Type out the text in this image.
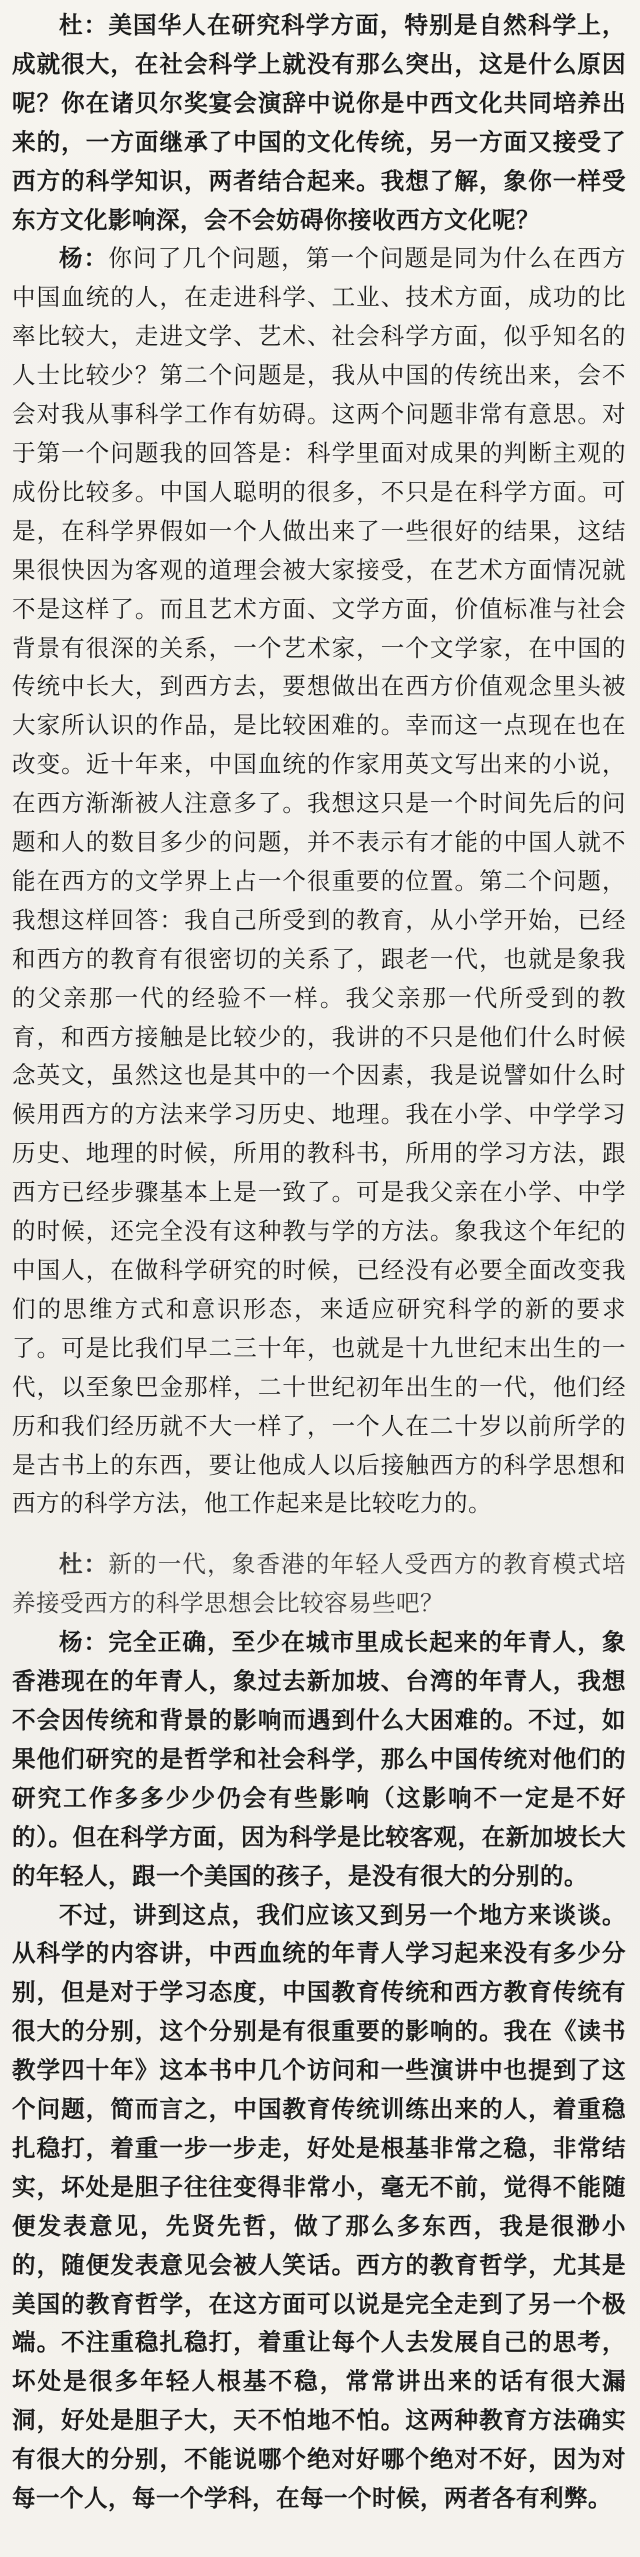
杜：美国华人在研究科学方面，特别是自然科学上，成就很大，在社会科学上就没有那么突出，这是什么原因呢？你在诸贝尔奖宴会演辞中说你是中西文化共同培养出来的，一方面继承了中国的文化传统，另一方面又接受了西方的科学知识，两者结合起来。我想了解，象你一样受东方文化影响深，会不会妨碍你接收西方文化呢？

杨：你问了几个问题，第一个问题是同为什么在西方中国血统的人，在走进科学、工业、技术方面，成功的比率比较大，走进文学、艺术、社会科学方面，似乎知名的人士比较少？第二个问题是，我从中国的传统出来，会不会对我从事科学工作有妨碍。这两个问题非常有意思。对于第一个问题我的回答是：科学里面对成果的判断主观的成份比较多。中国人聪明的很多，不只是在科学方面。可是，在科学界假如一个人做出来了一些很好的结果，这结果很快因为客观的道理会被大家接受，在艺术方面情况就不是这样了。而且艺术方面、文学方面，价值标准与社会背景有很深的关系，一个艺术家，一个文学家，在中国的传统中长大，到西方去，要想做出在西方价值观念里头被大家所认识的作品，是比较困难的。幸而这一点现在也在改变。近十年来，中国血统的作家用英文写出来的小说，在西方渐渐被人注意多了。我想这只是一个时间先后的问题和人的数目多少的问题，并不表示有才能的中国人就不能在西方的文学界上占一个很重要的位置。第二个问题，我想这样回答：我自己所受到的教育，从小学开始，已经和西方的教育有很密切的关系了，跟老一代，也就是象我的父亲那一代的经验不一样。我父亲那一代所受到的教育，和西方接触是比较少的，我讲的不只是他们什么时候念英文，虽然这也是其中的一个因素，我是说譬如什么时候用西方的方法来学习历史、地理。我在小学、中学学习历史、地理的时候，所用的教科书，所用的学习方法，跟西方已经步骤基本上是一致了。可是我父亲在小学、中学的时候，还完全没有这种教与学的方法。象我这个年纪的中国人，在做科学研究的时候，已经没有必要全面改变我们的思维方式和意识形态，来适应研究科学的新的要求了。可是比我们早二三十年，也就是十九世纪末出生的一代，以至象巴金那样，二十世纪初年出生的一代，他们经历和我们经历就不大一样了，一个人在二十岁以前所学的是古书上的东西，要让他成人以后接触西方的科学思想和西方的科学方法，他工作起来是比较吃力的。

杜：新的一代，象香港的年轻人受西方的教育模式培养接受西方的科学思想会比较容易些吧？

杨：完全正确，至少在城市里成长起来的年青人，象香港现在的年青人，象过去新加坡、台湾的年青人，我想不会因传统和背景的影响而遇到什么大困难的。不过，如果他们研究的是哲学和社会科学，那么中国传统对他们的研究工作多多少少仍会有些影响（这影响不一定是不好的）。但在科学方面，因为科学是比较客观，在新加坡长大的年轻人，跟一个美国的孩子，是没有很大的分别的。

不过，讲到这点，我们应该又到另一个地方来谈谈。从科学的内容讲，中西血统的年青人学习起来没有多少分别，但是对于学习态度，中国教育传统和西方教育传统有很大的分别，这个分别是有很重要的影响的。我在《读书教学四十年》这本书中几个访问和一些演讲中也提到了这个问题，简而言之，中国教育传统训练出来的人，着重稳扎稳打，着重一步一步走，好处是根基非常之稳，非常结实，坏处是胆子往往变得非常小，毫无不前，觉得不能随便发表意见，先贤先哲，做了那么多东西，我是很渺小的，随便发表意见会被人笑话。西方的教育哲学，尤其是美国的教育哲学，在这方面可以说是完全走到了另一个极端。不注重稳扎稳打，着重让每个人去发展自己的思考，坏处是很多年轻人根基不稳，常常讲出来的话有很大漏洞，好处是胆子大，天不怕地不怕。这两种教育方法确实有很大的分别，不能说哪个绝对好哪个绝对不好，因为对每一个人，每一个学科，在每一个时候，两者各有利弊。
